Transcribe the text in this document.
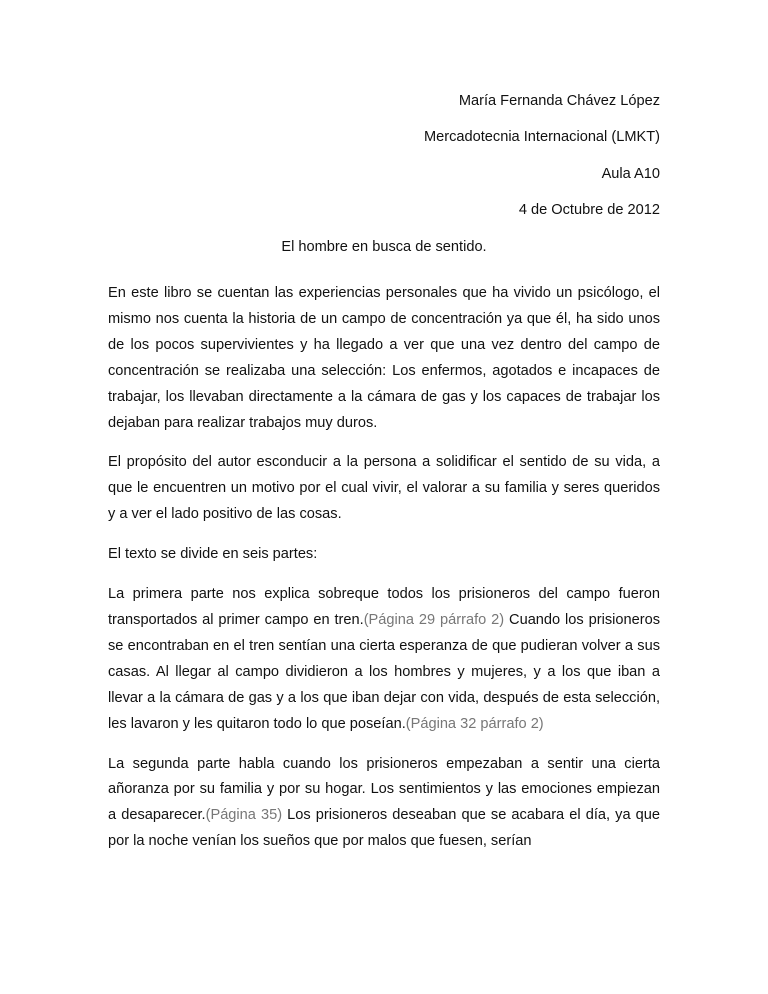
María Fernanda Chávez López
Mercadotecnia Internacional (LMKT)
Aula A10
4 de Octubre de 2012
El hombre en busca de sentido.

En este libro se cuentan las experiencias personales que ha vivido un psicólogo, el mismo nos cuenta la historia de un campo de concentración ya que él, ha sido unos de los pocos supervivientes y ha llegado a ver que una vez dentro del campo de concentración se realizaba una selección: Los enfermos, agotados e incapaces de trabajar, los llevaban directamente a la cámara de gas y los capaces de trabajar los dejaban para realizar trabajos muy duros.

El propósito del autor esconducir a la persona a solidificar el sentido de su vida, a que le encuentren un motivo por el cual vivir, el valorar a su familia y seres queridos y a ver el lado positivo de las cosas.

El texto se divide en seis partes:

La primera parte nos explica sobreque todos los prisioneros del campo fueron transportados al primer campo en tren.(Página 29 párrafo 2) Cuando los prisioneros se encontraban en el tren sentían una cierta esperanza de que pudieran volver a sus casas. Al llegar al campo dividieron a los hombres y mujeres, y a los que iban a llevar a la cámara de gas y a los que iban dejar con vida, después de esta selección, les lavaron y les quitaron todo lo que poseían.(Página 32 párrafo 2)

La segunda parte habla cuando los prisioneros empezaban a sentir una cierta añoranza por su familia y por su hogar. Los sentimientos y las emociones empiezan a desaparecer.(Página 35) Los prisioneros deseaban que se acabara el día, ya que por la noche venían los sueños que por malos que fuesen, serían
